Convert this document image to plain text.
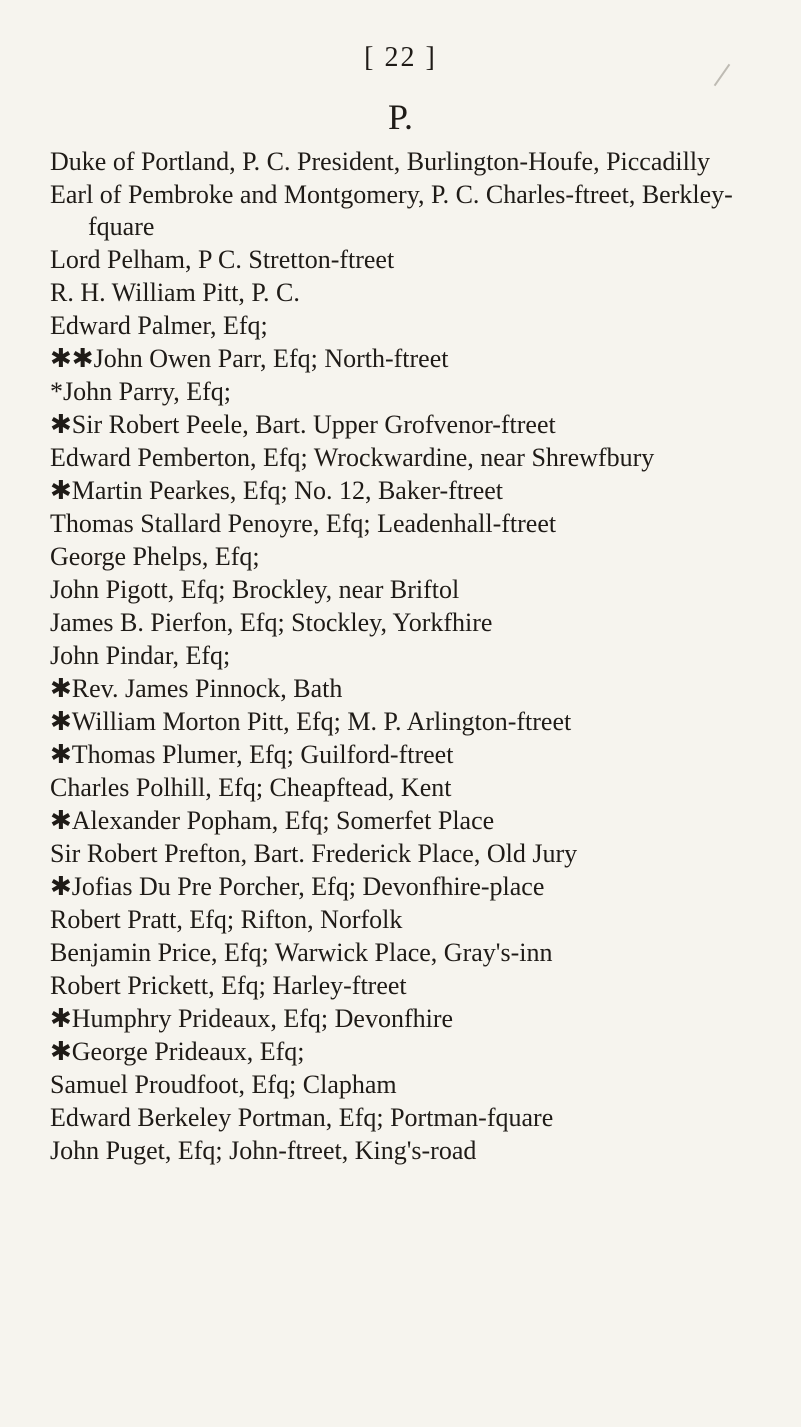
[ 22 ]
P.
Duke of Portland, P. C. President, Burlington-Houfe, Piccadilly
Earl of Pembroke and Montgomery, P. C. Charles-ftreet, Berkley-fquare
Lord Pelham, P C. Stretton-ftreet
R. H. William Pitt, P. C.
Edward Palmer, Efq;
✱✱John Owen Parr, Efq; North-ftreet
*John Parry, Efq;
✱Sir Robert Peele, Bart. Upper Grofvenor-ftreet
Edward Pemberton, Efq; Wrockwardine, near Shrewfbury
✱Martin Pearkes, Efq; No. 12, Baker-ftreet
Thomas Stallard Penoyre, Efq; Leadenhall-ftreet
George Phelps, Efq;
John Pigott, Efq; Brockley, near Briftol
James B. Pierfon, Efq; Stockley, Yorkfhire
John Pindar, Efq;
✱Rev. James Pinnock, Bath
✱William Morton Pitt, Efq; M. P. Arlington-ftreet
✱Thomas Plumer, Efq; Guilford-ftreet
Charles Polhill, Efq; Cheapftead, Kent
✱Alexander Popham, Efq; Somerfet Place
Sir Robert Prefton, Bart. Frederick Place, Old Jury
✱Jofias Du Pre Porcher, Efq; Devonfhire-place
Robert Pratt, Efq; Rifton, Norfolk
Benjamin Price, Efq; Warwick Place, Gray's-inn
Robert Prickett, Efq; Harley-ftreet
✱Humphry Prideaux, Efq; Devonfhire
✱George Prideaux, Efq;
Samuel Proudfoot, Efq; Clapham
Edward Berkeley Portman, Efq; Portman-fquare
John Puget, Efq; John-ftreet, King's-road
